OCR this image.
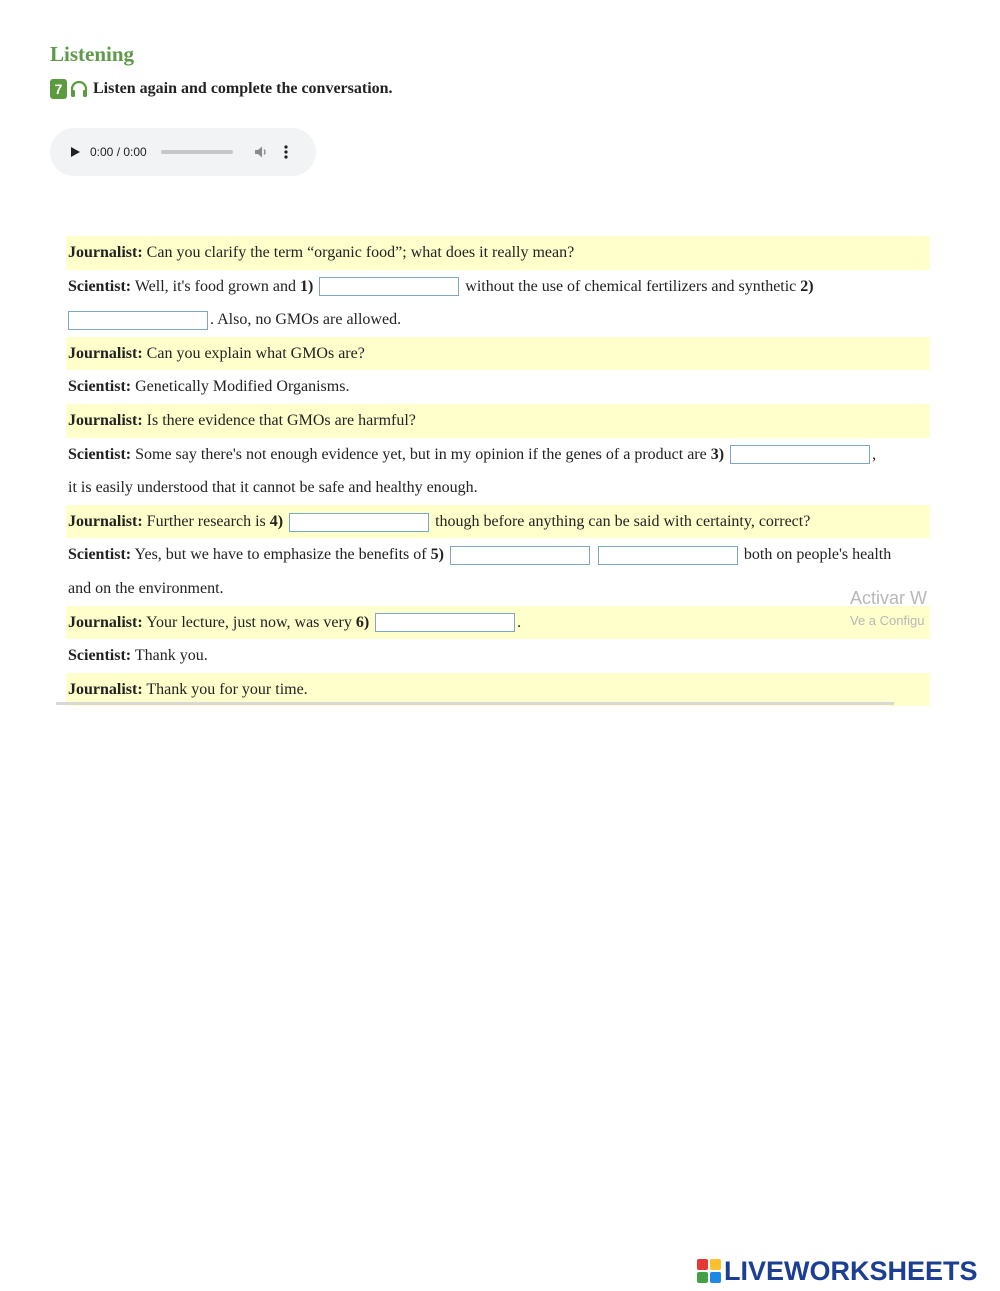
Listening
7 Listen again and complete the conversation.
0:00 / 0:00
Journalist: Can you clarify the term “organic food”; what does it really mean?
Scientist: Well, it's food grown and 1)	without the use of chemical fertilizers and synthetic 2)
. Also, no GMOs are allowed.
Journalist: Can you explain what GMOs are?
Scientist: Genetically Modified Organisms.
Journalist: Is there evidence that GMOs are harmful?
Scientist: Some say there's not enough evidence yet, but in my opinion if the genes of a product are 3)	,
it is easily understood that it cannot be safe and healthy enough.
Journalist: Further research is 4)	though before anything can be said with certainty, correct?
Scientist: Yes, but we have to emphasize the benefits of 5)	both on people's health
and on the environment.
Journalist: Your lecture, just now, was very 6)	.
Scientist: Thank you.
Journalist: Thank you for your time.
Activar W
Ve a Configu
LIVEWORKSHEETS
